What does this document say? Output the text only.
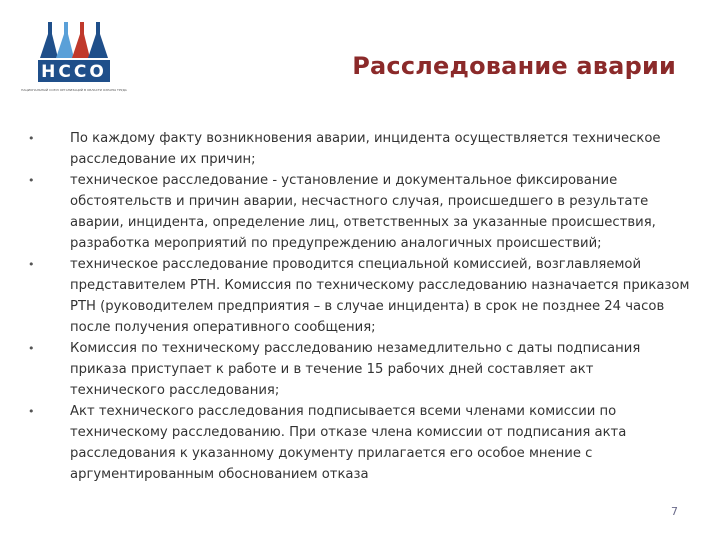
НССО
НАЦИОНАЛЬНЫЙ СОЮЗ ОРГАНИЗАЦИЙ В ОБЛАСТИ ОХРАНЫ ТРУДА
Расследование аварии
•	По каждому факту возникновения аварии, инцидента осуществляется техническое расследование их причин;
•	техническое расследование - установление и документальное фиксирование обстоятельств и причин аварии, несчастного случая, происшедшего в результате аварии, инцидента, определение лиц, ответственных за указанные происшествия, разработка мероприятий по предупреждению аналогичных происшествий;
•	техническое расследование проводится специальной комиссией, возглавляемой представителем РТН. Комиссия по техническому расследованию назначается приказом РТН (руководителем предприятия – в случае инцидента) в срок не позднее 24 часов после получения оперативного сообщения;
•	Комиссия по техническому расследованию незамедлительно с даты подписания приказа приступает к работе и в течение 15 рабочих дней составляет акт технического расследования;
•	Акт технического расследования подписывается всеми членами комиссии по техническому расследованию. При отказе члена комиссии от подписания акта расследования к указанному документу прилагается его особое мнение с аргументированным обоснованием отказа
7
